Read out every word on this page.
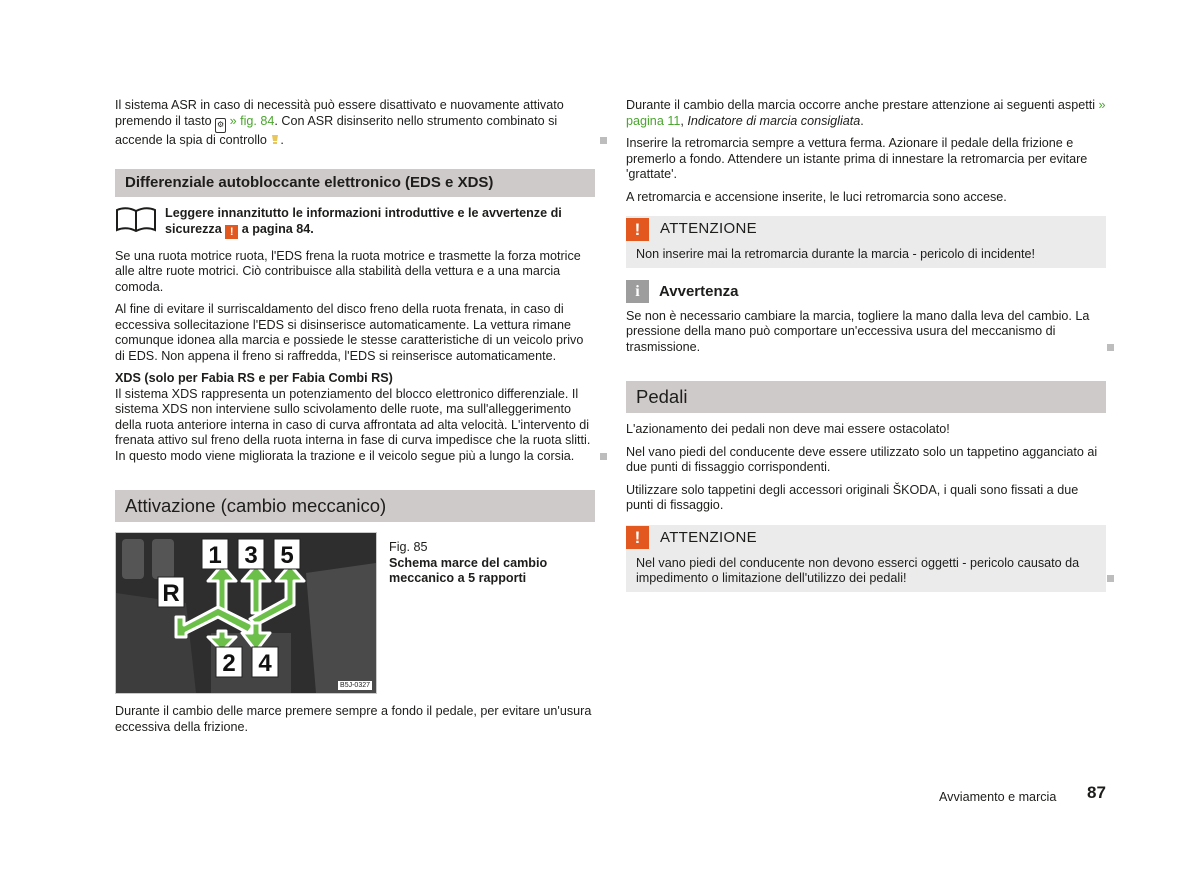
Il sistema ASR in caso di necessità può essere disattivato e nuovamente attivato premendo il tasto ⚙ » fig. 84. Con ASR disinserito nello strumento combinato si accende la spia di controllo .

Differenziale autobloccante elettronico (EDS e XDS)
Leggere innanzitutto le informazioni introduttive e le avvertenze di sicurezza ! a pagina 84.

Se una ruota motrice ruota, l'EDS frena la ruota motrice e trasmette la forza motrice alle altre ruote motrici. Ciò contribuisce alla stabilità della vettura e a una marcia comoda.

Al fine di evitare il surriscaldamento del disco freno della ruota frenata, in caso di eccessiva sollecitazione l'EDS si disinserisce automaticamente. La vettura rimane comunque idonea alla marcia e possiede le stesse caratteristiche di un veicolo privo di EDS. Non appena il freno si raffredda, l'EDS si reinserisce automaticamente.

XDS (solo per Fabia RS e per Fabia Combi RS)
Il sistema XDS rappresenta un potenziamento del blocco elettronico differenziale. Il sistema XDS non interviene sullo scivolamento delle ruote, ma sull'alleggerimento della ruota anteriore interna in caso di curva affrontata ad alta velocità. L'intervento di frenata attivo sul freno della ruota interna in fase di curva impedisce che la ruota slitti. In questo modo viene migliorata la trazione e il veicolo segue più a lungo la corsia.

Attivazione (cambio meccanico)
1 3 5
R
2 4
B5J-0327
Fig. 85
Schema marce del cambio meccanico a 5 rapporti

Durante il cambio delle marce premere sempre a fondo il pedale, per evitare un'usura eccessiva della frizione.

Durante il cambio della marcia occorre anche prestare attenzione ai seguenti aspetti » pagina 11, Indicatore di marcia consigliata.

Inserire la retromarcia sempre a vettura ferma. Azionare il pedale della frizione e premerlo a fondo. Attendere un istante prima di innestare la retromarcia per evitare 'grattate'.

A retromarcia e accensione inserite, le luci retromarcia sono accese.

!	ATTENZIONE
Non inserire mai la retromarcia durante la marcia - pericolo di incidente!
i	Avvertenza

Se non è necessario cambiare la marcia, togliere la mano dalla leva del cambio. La pressione della mano può comportare un'eccessiva usura del meccanismo di trasmissione.

Pedali

L'azionamento dei pedali non deve mai essere ostacolato!

Nel vano piedi del conducente deve essere utilizzato solo un tappetino agganciato ai due punti di fissaggio corrispondenti.

Utilizzare solo tappetini degli accessori originali ŠKODA, i quali sono fissati a due punti di fissaggio.

!	ATTENZIONE
Nel vano piedi del conducente non devono esserci oggetti - pericolo causato da impedimento o limitazione dell'utilizzo dei pedali!
Avviamento e marcia 87
